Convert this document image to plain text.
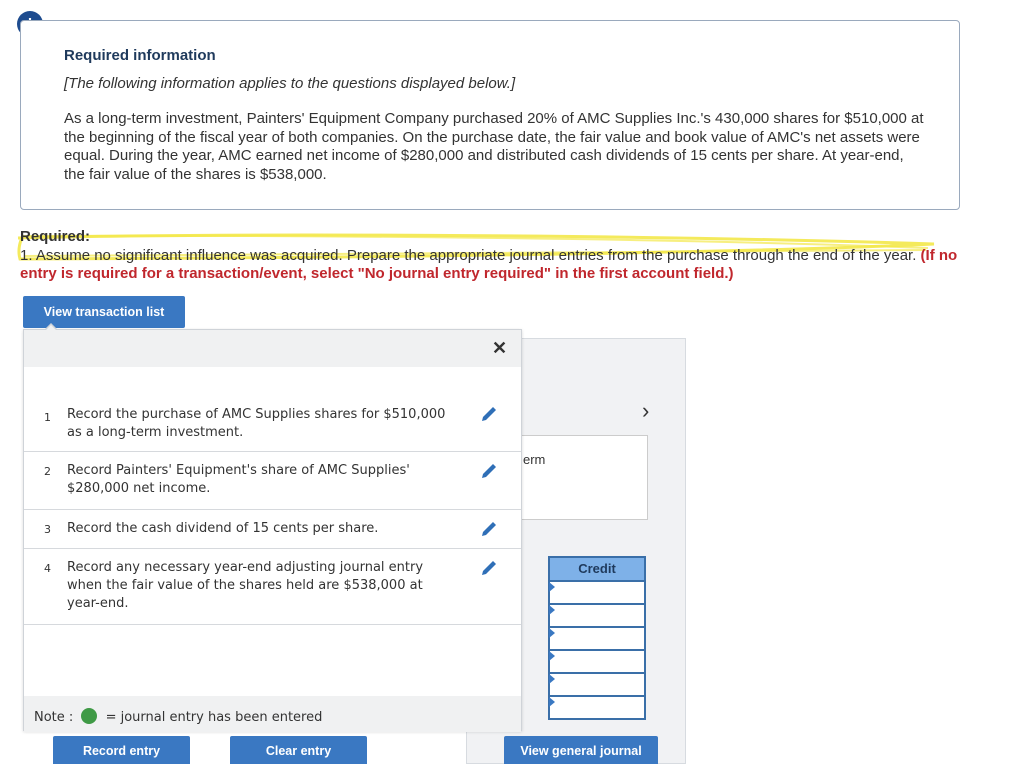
Required information
[The following information applies to the questions displayed below.]
As a long-term investment, Painters' Equipment Company purchased 20% of AMC Supplies Inc.'s 430,000 shares for $510,000 at the beginning of the fiscal year of both companies. On the purchase date, the fair value and book value of AMC's net assets were equal. During the year, AMC earned net income of $280,000 and distributed cash dividends of 15 cents per share. At year-end, the fair value of the shares is $538,000.
Required:
1. Assume no significant influence was acquired. Prepare the appropriate journal entries from the purchase through the end of the year. (If no entry is required for a transaction/event, select "No journal entry required" in the first account field.)
View transaction list
›
erm
Credit
✕
1 Record the purchase of AMC Supplies shares for $510,000 as a long-term investment.
2 Record Painters' Equipment's share of AMC Supplies' $280,000 net income.
3 Record the cash dividend of 15 cents per share.
4 Record any necessary year-end adjusting journal entry when the fair value of the shares held are $538,000 at year-end.
Note : = journal entry has been entered
Record entry	Clear entry	View general journal
